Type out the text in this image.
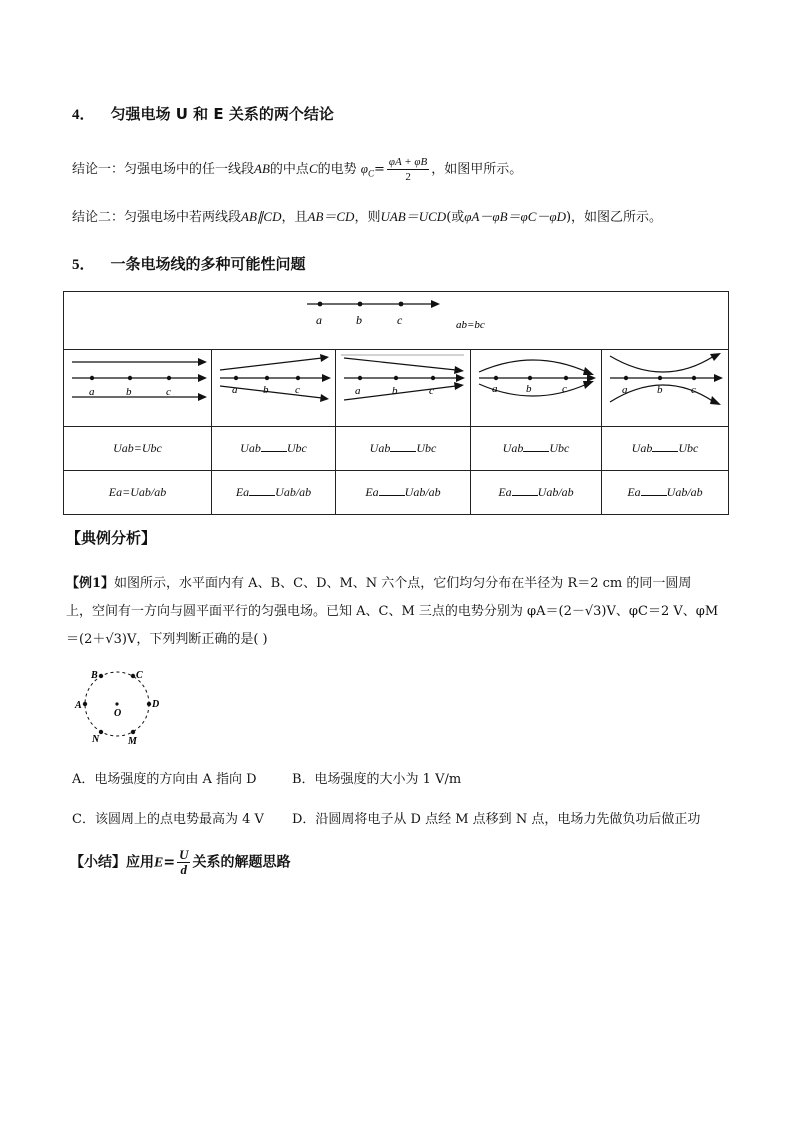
4． 匀强电场 U 和 E 关系的两个结论
结论一：匀强电场中的任一线段AB的中点C的电势 $\varphi_C= \frac{\varphi A + \varphi B}{2}$ ，如图甲所示。
结论二：匀强电场中若两线段AB∥CD，且AB＝CD，则UAB＝UCD(或φA－φB＝φC－φD)，如图乙所示。
5． 一条电场线的多种可能性问题
a b c ab=bc				

a b c	a b c	a b c	a b c	a b c

Uab=Ubc	Uab Ubc	Uab Ubc	Uab Ubc	Uab Ubc
Ea=Uab/ab	Ea Uab/ab	Ea Uab/ab	Ea Uab/ab	Ea Uab/ab
【典例分析】
【例1】如图所示，水平面内有 A、B、C、D、M、N 六个点，它们均匀分布在半径为 R＝2 cm 的同一圆周
上，空间有一方向与圆平面平行的匀强电场。已知 A、C、M 三点的电势分别为 φA＝(2－√3)V、φC＝2 V、φM
＝(2＋√3)V，下列判断正确的是( )
B	C
A
O
D
N	M
A．电场强度的方向由 A 指向 D	B．电场强度的大小为 1 V/m
C．该圆周上的点电势最高为 4 V D．沿圆周将电子从 D 点经 M 点移到 N 点，电场力先做负功后做正功
【小结】应用$E= \frac{U}{d}$ 关系的解题思路
